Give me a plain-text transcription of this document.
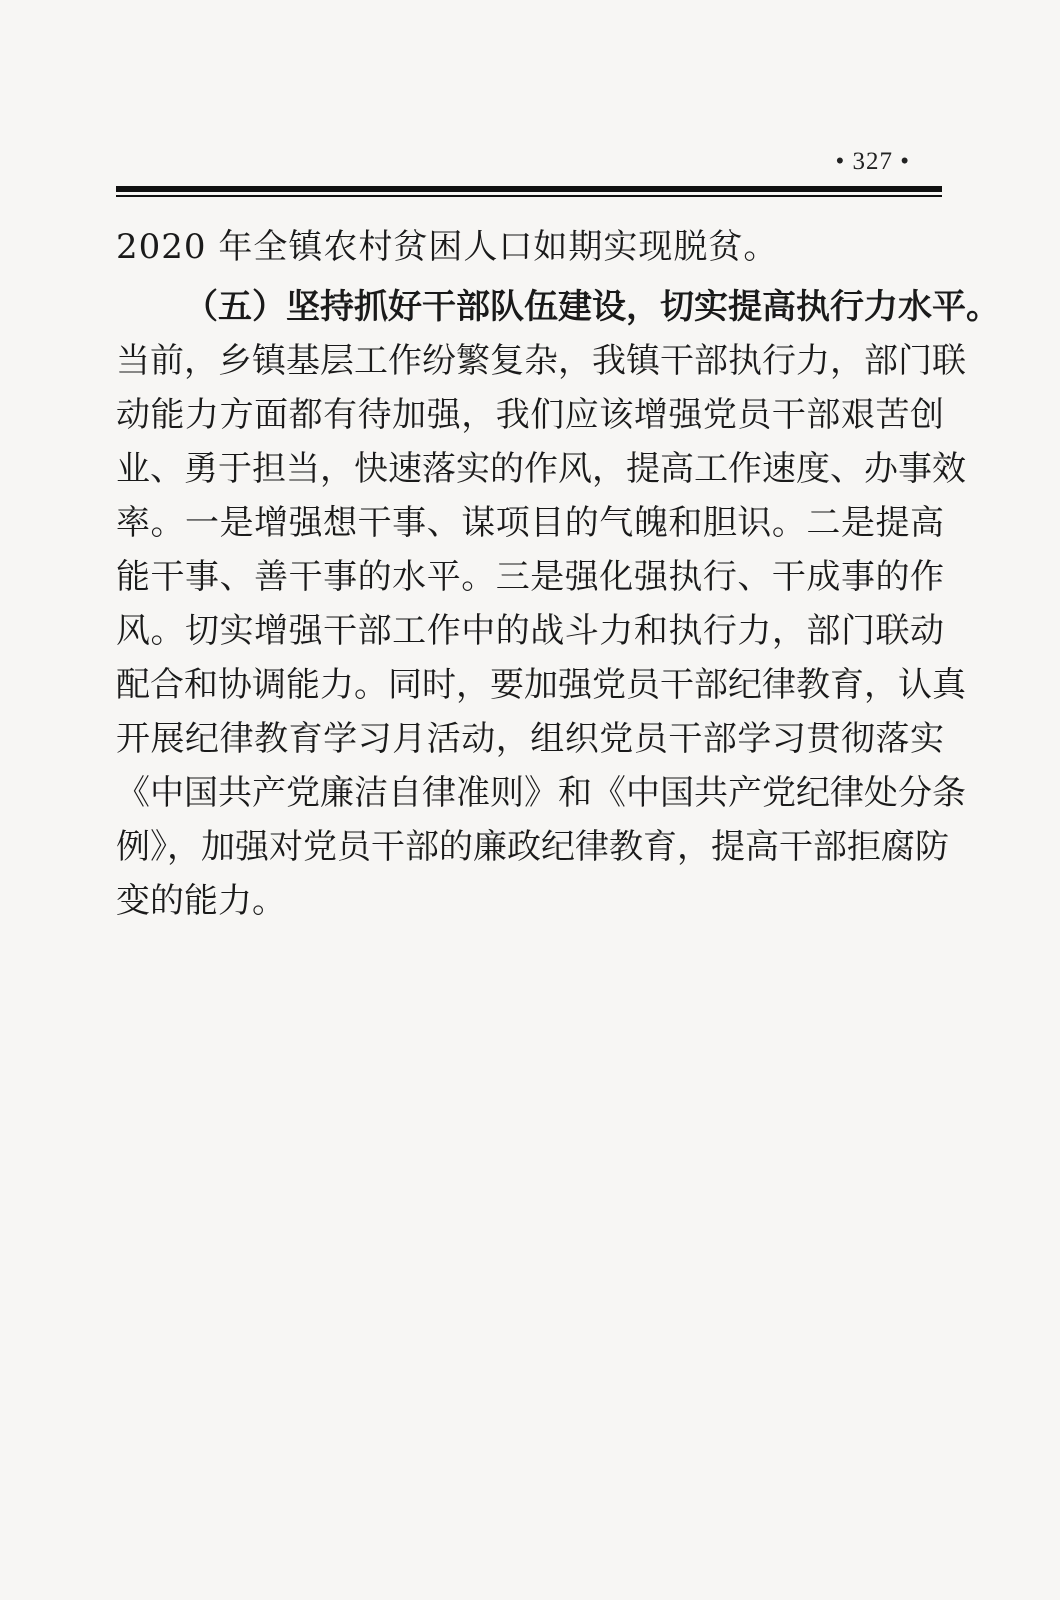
• 327 •
2020 年全镇农村贫困人口如期实现脱贫。
（五）坚持抓好干部队伍建设，切实提高执行力水平。
当前，乡镇基层工作纷繁复杂，我镇干部执行力，部门联
动能力方面都有待加强，我们应该增强党员干部艰苦创
业、勇于担当，快速落实的作风，提高工作速度、办事效
率。一是增强想干事、谋项目的气魄和胆识。二是提高
能干事、善干事的水平。三是强化强执行、干成事的作
风。切实增强干部工作中的战斗力和执行力，部门联动
配合和协调能力。同时，要加强党员干部纪律教育，认真
开展纪律教育学习月活动，组织党员干部学习贯彻落实
《中国共产党廉洁自律准则》和《中国共产党纪律处分条
例》，加强对党员干部的廉政纪律教育，提高干部拒腐防
变的能力。
